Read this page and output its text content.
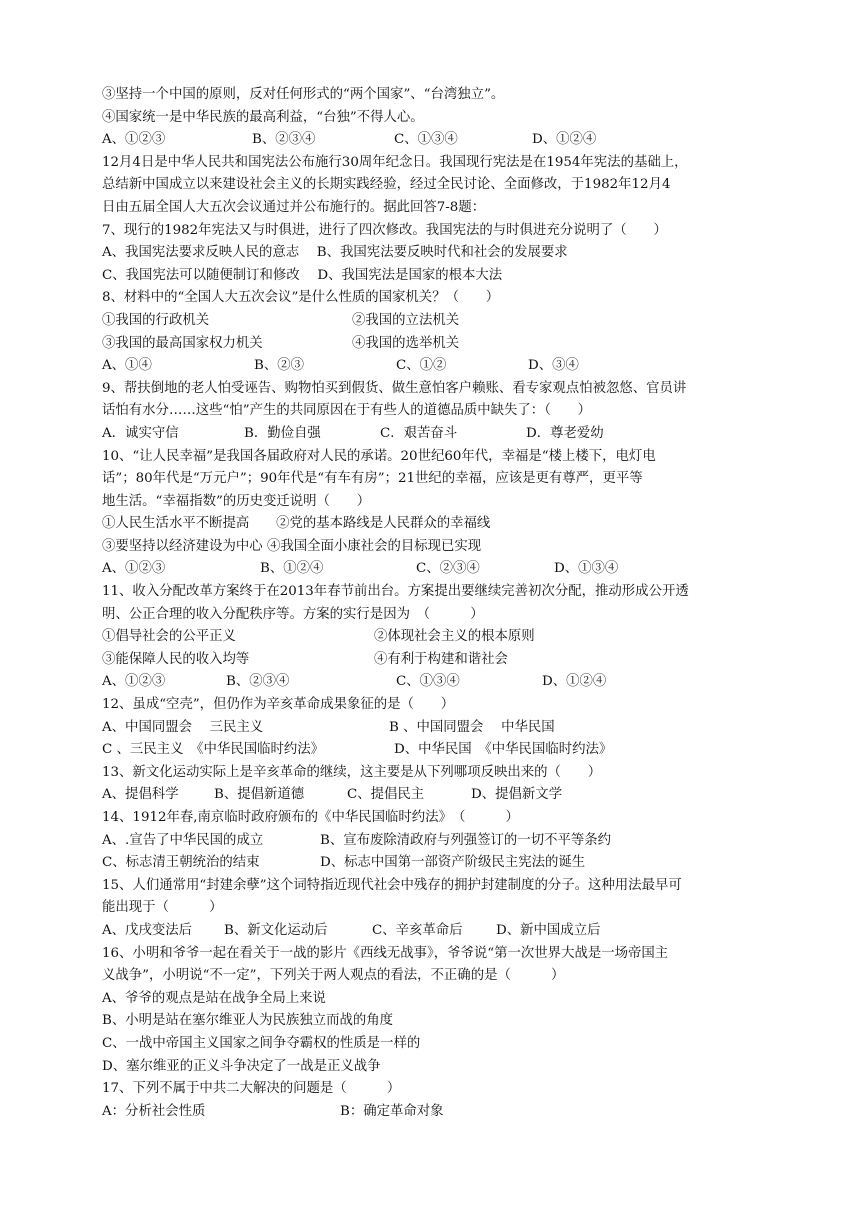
③坚持一个中国的原则，反对任何形式的“两个国家”、“台湾独立”。
④国家统一是中华民族的最高利益，“台独”不得人心。
A、①②③	B、②③④	C、①③④	D、①②④
12月4日是中华人民共和国宪法公布施行30周年纪念日。我国现行宪法是在1954年宪法的基础上，
总结新中国成立以来建设社会主义的长期实践经验，经过全民讨论、全面修改，于1982年12月4
日由五届全国人大五次会议通过并公布施行的。据此回答7-8题：
7、现行的1982年宪法又与时俱进，进行了四次修改。我国宪法的与时俱进充分说明了（　　）
A、我国宪法要求反映人民的意志　 B、我国宪法要反映时代和社会的发展要求
C、我国宪法可以随便制订和修改　 D、我国宪法是国家的根本大法
8、材料中的“全国人大五次会议”是什么性质的国家机关？（　　）
①我国的行政机关	②我国的立法机关
③我国的最高国家权力机关	④我国的选举机关
A、①④	B、②③	C、①②	D、③④
9、帮扶倒地的老人怕受诬告、购物怕买到假货、做生意怕客户赖账、看专家观点怕被忽悠、官员讲
话怕有水分……这些“怕”产生的共同原因在于有些人的道德品质中缺失了：（　　）
A．诚实守信	B．勤俭自强	C．艰苦奋斗	D．尊老爱幼
10、“让人民幸福”是我国各届政府对人民的承诺。20世纪60年代，幸福是“楼上楼下，电灯电
话”；80年代是“万元户”；90年代是“有车有房”；21世纪的幸福，应该是更有尊严，更平等
地生活。“幸福指数”的历史变迁说明（　　）
①人民生活水平不断提高　　②党的基本路线是人民群众的幸福线
③要坚持以经济建设为中心 ④我国全面小康社会的目标现已实现
A、①②③	B、①②④	C、②③④	D、①③④
11、收入分配改革方案终于在2013年春节前出台。方案提出要继续完善初次分配，推动形成公开透
明、公正合理的收入分配秩序等。方案的实行是因为　（　　　）
①倡导社会的公平正义	②体现社会主义的根本原则
③能保障人民的收入均等	④有利于构建和谐社会
A、①②③	B、②③④	C、①③④	D、①②④
12、虽成“空壳”，但仍作为辛亥革命成果象征的是（　　）
A、中国同盟会　 三民主义	B 、中国同盟会　 中华民国
C 、三民主义　《中华民国临时约法》	D、中华民国　《中华民国临时约法》
13、新文化运动实际上是辛亥革命的继续，这主要是从下列哪项反映出来的（　　）
A、提倡科学	B、提倡新道德	C、提倡民主	D、提倡新文学
14、1912年春,南京临时政府颁布的《中华民国临时约法》　（　　　）
A、.宣告了中华民国的成立	B、宣布废除清政府与列强签订的一切不平等条约
C、标志清王朝统治的结束	D、标志中国第一部资产阶级民主宪法的诞生
15、人们通常用“封建余孽”这个词特指近现代社会中残存的拥护封建制度的分子。这种用法最早可
能出现于（　　　）
A、戊戌变法后	B、新文化运动后	C、辛亥革命后	D、新中国成立后
16、小明和爷爷一起在看关于一战的影片《西线无战事》，爷爷说“第一次世界大战是一场帝国主
义战争”，小明说“不一定”，下列关于两人观点的看法，不正确的是（　　　）
A、爷爷的观点是站在战争全局上来说
B、小明是站在塞尔维亚人为民族独立而战的角度
C、一战中帝国主义国家之间争夺霸权的性质是一样的
D、塞尔维亚的正义斗争决定了一战是正义战争
17、下列不属于中共二大解决的问题是（　　　）
A：分析社会性质	B：确定革命对象
